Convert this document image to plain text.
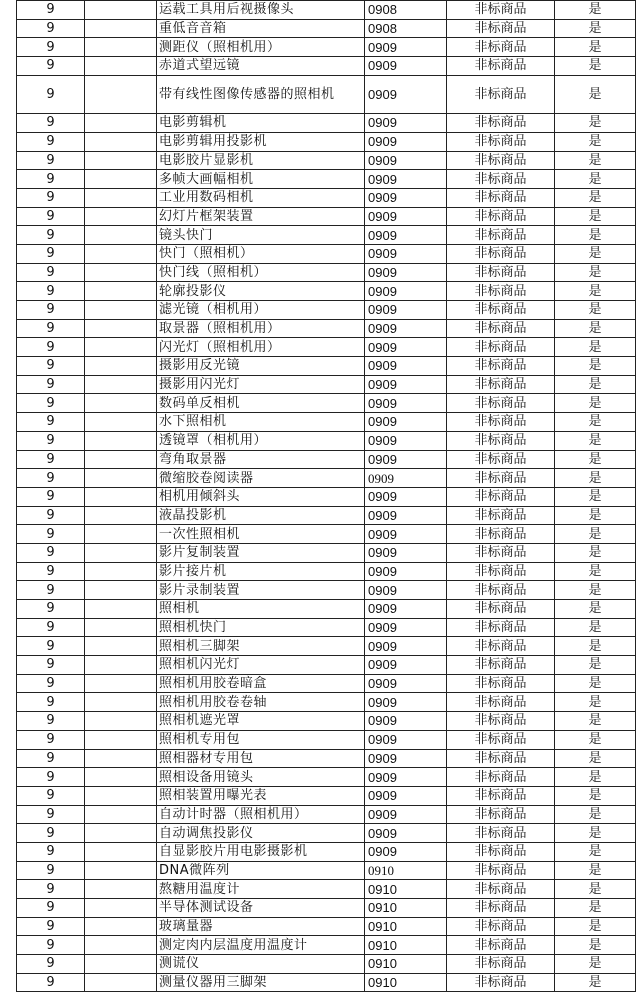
9		运载工具用后视摄像头	0908	非标商品	是
9		重低音音箱	0908	非标商品	是
9		测距仪（照相机用）	0909	非标商品	是
9		赤道式望远镜	0909	非标商品	是
9		带有线性图像传感器的照相机	0909	非标商品	是
9		电影剪辑机	0909	非标商品	是
9		电影剪辑用投影机	0909	非标商品	是
9		电影胶片显影机	0909	非标商品	是
9		多帧大画幅相机	0909	非标商品	是
9		工业用数码相机	0909	非标商品	是
9		幻灯片框架装置	0909	非标商品	是
9		镜头快门	0909	非标商品	是
9		快门（照相机）	0909	非标商品	是
9		快门线（照相机）	0909	非标商品	是
9		轮廓投影仪	0909	非标商品	是
9		滤光镜（相机用）	0909	非标商品	是
9		取景器（照相机用）	0909	非标商品	是
9		闪光灯（照相机用）	0909	非标商品	是
9		摄影用反光镜	0909	非标商品	是
9		摄影用闪光灯	0909	非标商品	是
9		数码单反相机	0909	非标商品	是
9		水下照相机	0909	非标商品	是
9		透镜罩（相机用）	0909	非标商品	是
9		弯角取景器	0909	非标商品	是
9		微缩胶卷阅读器	0909	非标商品	是
9		相机用倾斜头	0909	非标商品	是
9		液晶投影机	0909	非标商品	是
9		一次性照相机	0909	非标商品	是
9		影片复制装置	0909	非标商品	是
9		影片接片机	0909	非标商品	是
9		影片录制装置	0909	非标商品	是
9		照相机	0909	非标商品	是
9		照相机快门	0909	非标商品	是
9		照相机三脚架	0909	非标商品	是
9		照相机闪光灯	0909	非标商品	是
9		照相机用胶卷暗盒	0909	非标商品	是
9		照相机用胶卷卷轴	0909	非标商品	是
9		照相机遮光罩	0909	非标商品	是
9		照相机专用包	0909	非标商品	是
9		照相器材专用包	0909	非标商品	是
9		照相设备用镜头	0909	非标商品	是
9		照相装置用曝光表	0909	非标商品	是
9		自动计时器（照相机用）	0909	非标商品	是
9		自动调焦投影仪	0909	非标商品	是
9		自显影胶片用电影摄影机	0909	非标商品	是
9		DNA微阵列	0910	非标商品	是
9		熬糖用温度计	0910	非标商品	是
9		半导体测试设备	0910	非标商品	是
9		玻璃量器	0910	非标商品	是
9		测定肉内层温度用温度计	0910	非标商品	是
9		测谎仪	0910	非标商品	是
9		测量仪器用三脚架	0910	非标商品	是
